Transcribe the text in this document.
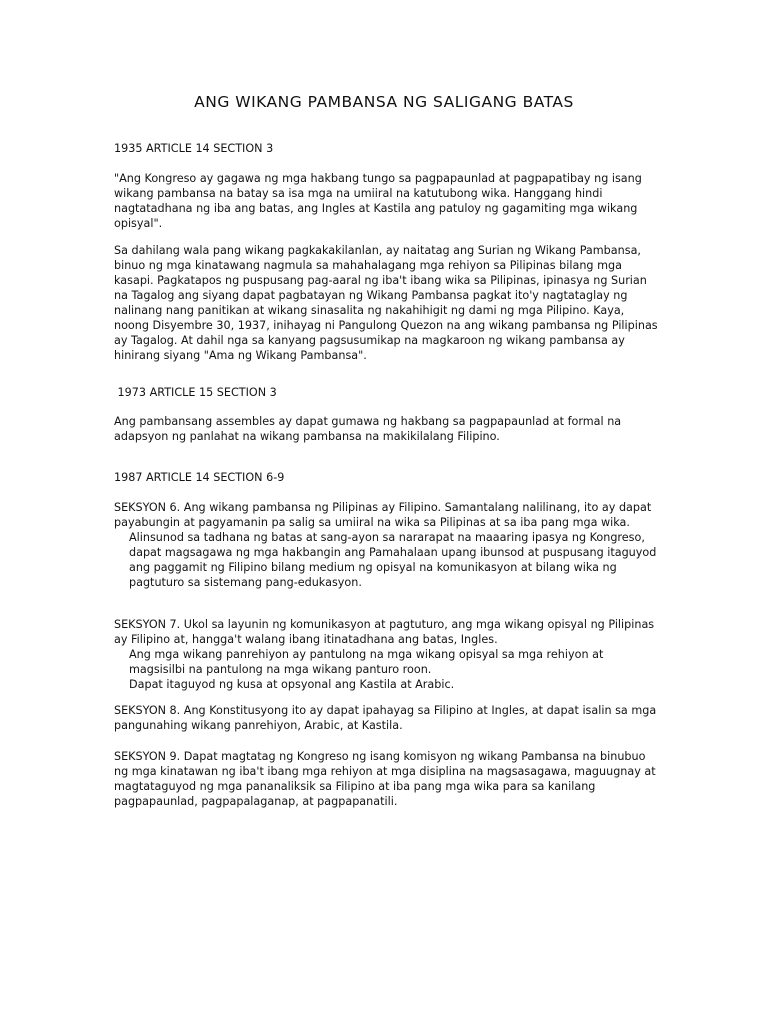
ANG WIKANG PAMBANSA NG SALIGANG BATAS
1935 ARTICLE 14 SECTION 3
"Ang Kongreso ay gagawa ng mga hakbang tungo sa pagpapaunlad at pagpapatibay ng isang wikang pambansa na batay sa isa mga na umiiral na katutubong wika. Hanggang hindi nagtatadhana ng iba ang batas, ang Ingles at Kastila ang patuloy ng gagamiting mga wikang opisyal".
Sa dahilang wala pang wikang pagkakakilanlan, ay naitatag ang Surian ng Wikang Pambansa, binuo ng mga kinatawang nagmula sa mahahalagang mga rehiyon sa Pilipinas bilang mga kasapi. Pagkatapos ng puspusang pag-aaral ng iba't ibang wika sa Pilipinas, ipinasya ng Surian na Tagalog ang siyang dapat pagbatayan ng Wikang Pambansa pagkat ito'y nagtataglay ng nalinang nang panitikan at wikang sinasalita ng nakahihigit ng dami ng mga Pilipino. Kaya, noong Disyembre 30, 1937, inihayag ni Pangulong Quezon na ang wikang pambansa ng Pilipinas ay Tagalog. At dahil nga sa kanyang pagsusumikap na magkaroon ng wikang pambansa ay hinirang siyang "Ama ng Wikang Pambansa".
1973 ARTICLE 15 SECTION 3
Ang pambansang assembles ay dapat gumawa ng hakbang sa pagpapaunlad at formal na adapsyon ng panlahat na wikang pambansa na makikilalang Filipino.
1987 ARTICLE 14 SECTION 6-9

SEKSYON 6. Ang wikang pambansa ng Pilipinas ay Filipino. Samantalang nalilinang, ito ay dapat payabungin at pagyamanin pa salig sa umiiral na wika sa Pilipinas at sa iba pang mga wika.

Alinsunod sa tadhana ng batas at sang-ayon sa nararapat na maaaring ipasya ng Kongreso, dapat magsagawa ng mga hakbangin ang Pamahalaan upang ibunsod at puspusang itaguyod ang paggamit ng Filipino bilang medium ng opisyal na komunikasyon at bilang wika ng pagtuturo sa sistemang pang-edukasyon.

SEKSYON 7. Ukol sa layunin ng komunikasyon at pagtuturo, ang mga wikang opisyal ng Pilipinas ay Filipino at, hangga't walang ibang itinatadhana ang batas, Ingles.

Ang mga wikang panrehiyon ay pantulong na mga wikang opisyal sa mga rehiyon at magsisilbi na pantulong na mga wikang panturo roon.

Dapat itaguyod ng kusa at opsyonal ang Kastila at Arabic.

SEKSYON 8. Ang Konstitusyong ito ay dapat ipahayag sa Filipino at Ingles, at dapat isalin sa mga pangunahing wikang panrehiyon, Arabic, at Kastila.
SEKSYON 9. Dapat magtatag ng Kongreso ng isang komisyon ng wikang Pambansa na binubuo ng mga kinatawan ng iba't ibang mga rehiyon at mga disiplina na magsasagawa, maguugnay at magtataguyod ng mga pananaliksik sa Filipino at iba pang mga wika para sa kanilang pagpapaunlad, pagpapalaganap, at pagpapanatili.
